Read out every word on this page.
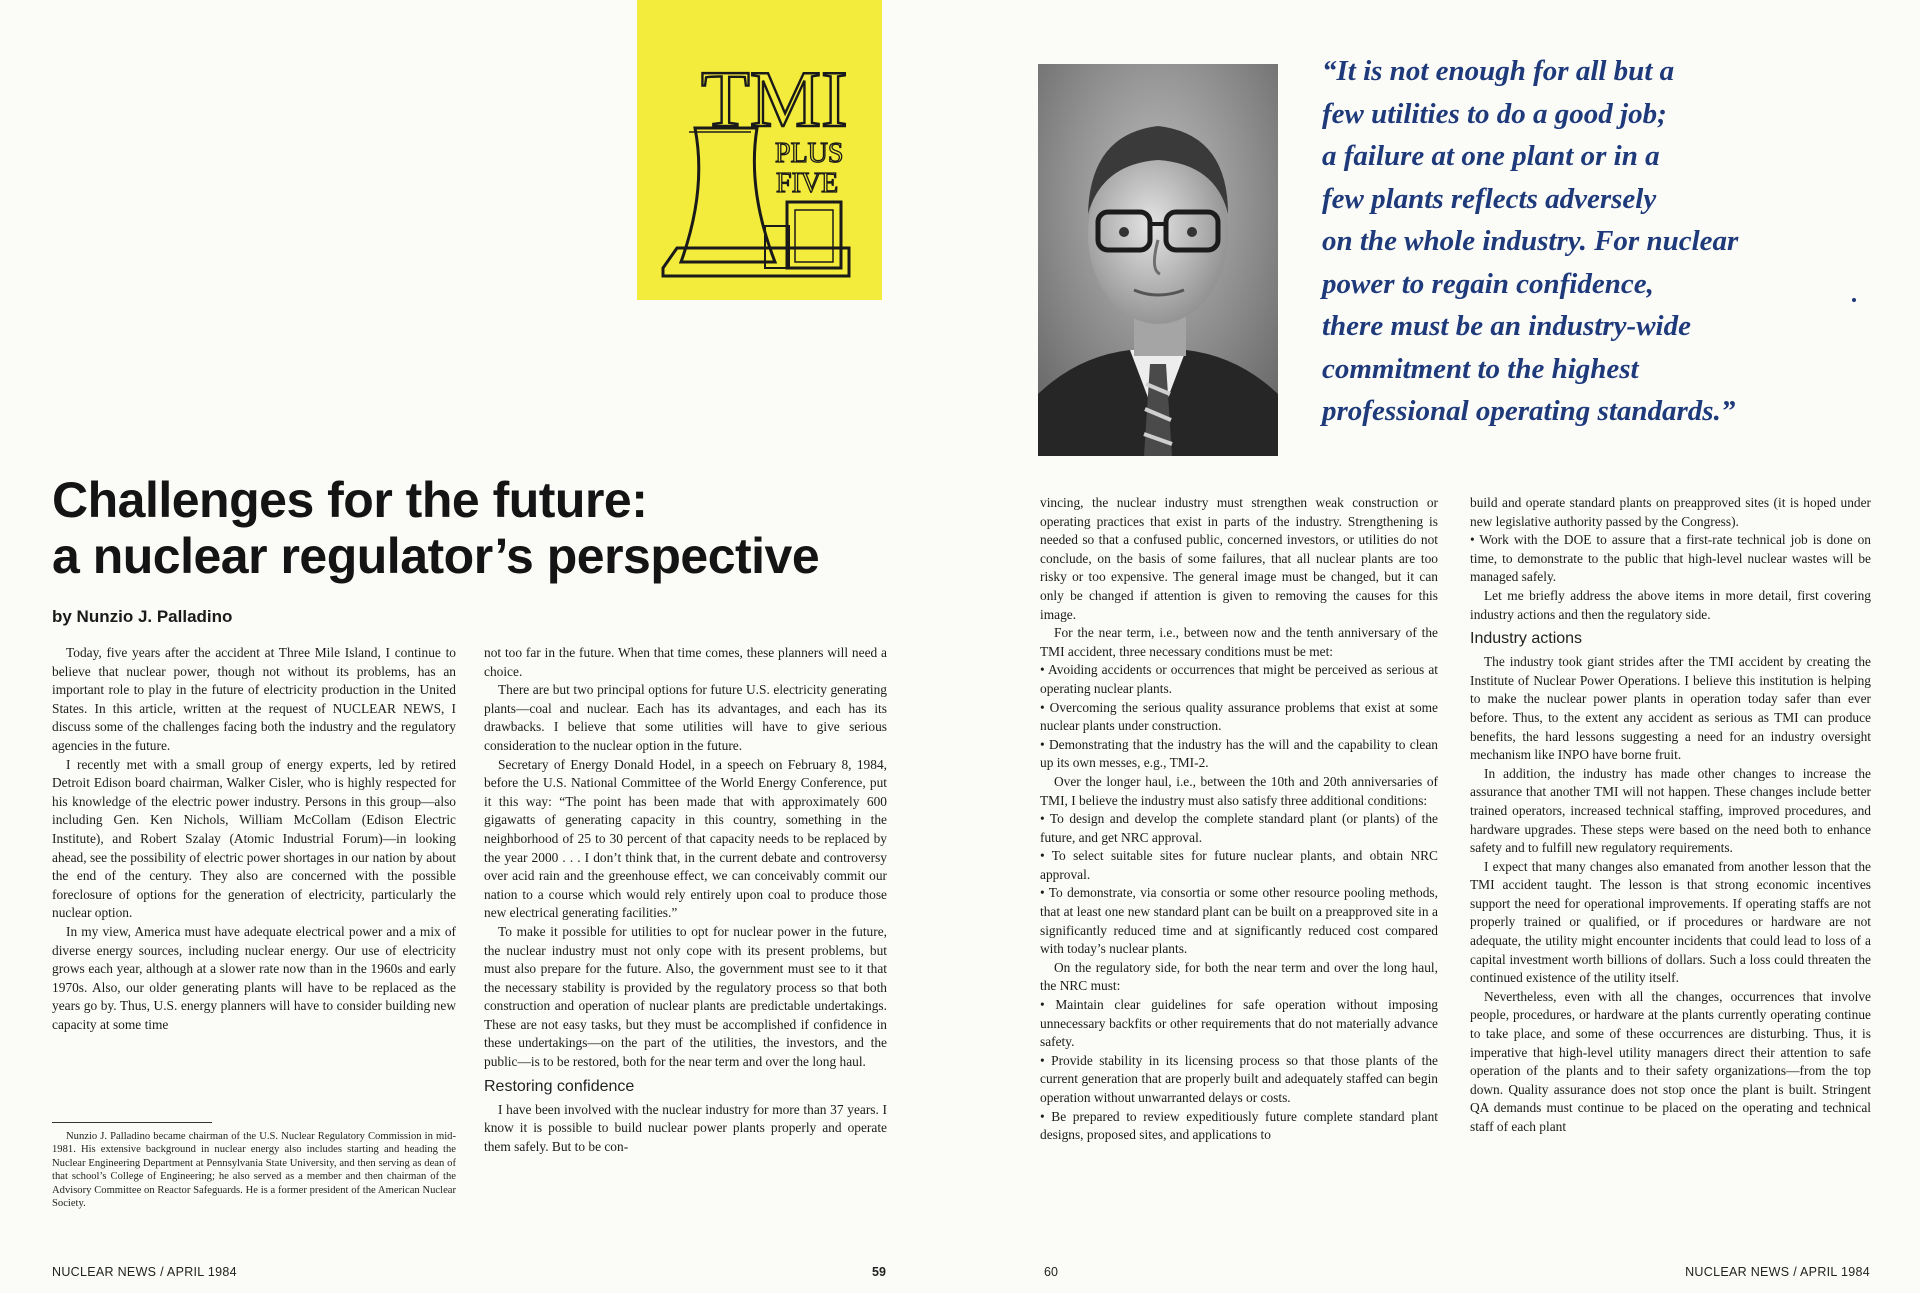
TMI
PLUS
FIVE
Challenges for the future:
a nuclear regulator’s perspective
by Nunzio J. Palladino

Today, five years after the accident at Three Mile Island, I continue to believe that nuclear power, though not without its problems, has an important role to play in the future of electricity production in the United States. In this article, written at the request of NUCLEAR NEWS, I discuss some of the challenges facing both the industry and the regulatory agencies in the future.

I recently met with a small group of energy experts, led by retired Detroit Edison board chairman, Walker Cisler, who is highly respected for his knowledge of the electric power industry. Persons in this group—also including Gen. Ken Nichols, William McCollam (Edison Electric Institute), and Robert Szalay (Atomic Industrial Forum)—in looking ahead, see the possibility of electric power shortages in our nation by about the end of the century. They also are concerned with the possible foreclosure of options for the generation of electricity, particularly the nuclear option.

In my view, America must have adequate electrical power and a mix of diverse energy sources, including nuclear energy. Our use of electricity grows each year, although at a slower rate now than in the 1960s and early 1970s. Also, our older generating plants will have to be replaced as the years go by. Thus, U.S. energy planners will have to consider building new capacity at some time

not too far in the future. When that time comes, these planners will need a choice.

There are but two principal options for future U.S. electricity generating plants—coal and nuclear. Each has its advantages, and each has its drawbacks. I believe that some utilities will have to give serious consideration to the nuclear option in the future.

Secretary of Energy Donald Hodel, in a speech on February 8, 1984, before the U.S. National Committee of the World Energy Conference, put it this way: “The point has been made that with approximately 600 gigawatts of generating capacity in this country, something in the neighborhood of 25 to 30 percent of that capacity needs to be replaced by the year 2000 . . . I don’t think that, in the current debate and controversy over acid rain and the greenhouse effect, we can conceivably commit our nation to a course which would rely entirely upon coal to produce those new electrical generating facilities.”

To make it possible for utilities to opt for nuclear power in the future, the nuclear industry must not only cope with its present problems, but must also prepare for the future. Also, the government must see to it that the necessary stability is provided by the regulatory process so that both construction and operation of nuclear plants are predictable undertakings. These are not easy tasks, but they must be accomplished if confidence in these undertakings—on the part of the utilities, the investors, and the public—is to be restored, both for the near term and over the long haul.

Restoring confidence

I have been involved with the nuclear industry for more than 37 years. I know it is possible to build nuclear power plants properly and operate them safely. But to be con-

Nunzio J. Palladino became chairman of the U.S. Nuclear Regulatory Commission in mid-1981. His extensive background in nuclear energy also includes starting and heading the Nuclear Engineering Department at Pennsylvania State University, and then serving as dean of that school’s College of Engineering; he also served as a member and then chairman of the Advisory Committee on Reactor Safeguards. He is a former president of the American Nuclear Society.

NUCLEAR NEWS / APRIL 1984	59
“It is not enough for all but a
few utilities to do a good job;
a failure at one plant or in a
few plants reflects adversely
on the whole industry. For nuclear
power to regain confidence,
there must be an industry-wide
commitment to the highest
professional operating standards.”

vincing, the nuclear industry must strengthen weak construction or operating practices that exist in parts of the industry. Strengthening is needed so that a confused public, concerned investors, or utilities do not conclude, on the basis of some failures, that all nuclear plants are too risky or too expensive. The general image must be changed, but it can only be changed if attention is given to removing the causes for this image.

For the near term, i.e., between now and the tenth anniversary of the TMI accident, three necessary conditions must be met:

• Avoiding accidents or occurrences that might be perceived as serious at operating nuclear plants.

• Overcoming the serious quality assurance problems that exist at some nuclear plants under construction.

• Demonstrating that the industry has the will and the capability to clean up its own messes, e.g., TMI-2.

Over the longer haul, i.e., between the 10th and 20th anniversaries of TMI, I believe the industry must also satisfy three additional conditions:

• To design and develop the complete standard plant (or plants) of the future, and get NRC approval.

• To select suitable sites for future nuclear plants, and obtain NRC approval.

• To demonstrate, via consortia or some other resource pooling methods, that at least one new standard plant can be built on a preapproved site in a significantly reduced time and at significantly reduced cost compared with today’s nuclear plants.

On the regulatory side, for both the near term and over the long haul, the NRC must:

• Maintain clear guidelines for safe operation without imposing unnecessary backfits or other requirements that do not materially advance safety.

• Provide stability in its licensing process so that those plants of the current generation that are properly built and adequately staffed can begin operation without unwarranted delays or costs.

• Be prepared to review expeditiously future complete standard plant designs, proposed sites, and applications to

build and operate standard plants on preapproved sites (it is hoped under new legislative authority passed by the Congress).

• Work with the DOE to assure that a first-rate technical job is done on time, to demonstrate to the public that high-level nuclear wastes will be managed safely.

Let me briefly address the above items in more detail, first covering industry actions and then the regulatory side.

Industry actions

The industry took giant strides after the TMI accident by creating the Institute of Nuclear Power Operations. I believe this institution is helping to make the nuclear power plants in operation today safer than ever before. Thus, to the extent any accident as serious as TMI can produce benefits, the hard lessons suggesting a need for an industry oversight mechanism like INPO have borne fruit.

In addition, the industry has made other changes to increase the assurance that another TMI will not happen. These changes include better trained operators, increased technical staffing, improved procedures, and hardware upgrades. These steps were based on the need both to enhance safety and to fulfill new regulatory requirements.

I expect that many changes also emanated from another lesson that the TMI accident taught. The lesson is that strong economic incentives support the need for operational improvements. If operating staffs are not properly trained or qualified, or if procedures or hardware are not adequate, the utility might encounter incidents that could lead to loss of a capital investment worth billions of dollars. Such a loss could threaten the continued existence of the utility itself.

Nevertheless, even with all the changes, occurrences that involve people, procedures, or hardware at the plants currently operating continue to take place, and some of these occurrences are disturbing. Thus, it is imperative that high-level utility managers direct their attention to safe operation of the plants and to their safety organizations—from the top down. Quality assurance does not stop once the plant is built. Stringent QA demands must continue to be placed on the operating and technical staff of each plant

60	NUCLEAR NEWS / APRIL 1984
